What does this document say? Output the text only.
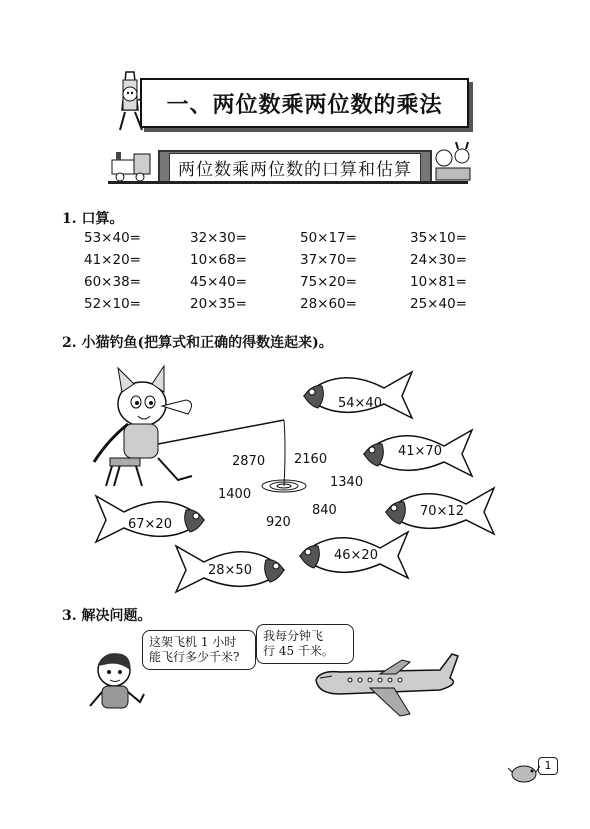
一、两位数乘两位数的乘法
两位数乘两位数的口算和估算
1. 口算。
53×40=	32×30=	50×17=	35×10=
41×20=	10×68=	37×70=	24×30=
60×38=	45×40=	75×20=	10×81=
52×10=	20×35=	28×60=	25×40=
2. 小猫钓鱼(把算式和正确的得数连起来)。
54×40
41×70
70×12
46×20
28×50
67×20
2870 2160
1340
1400
840
920
3. 解决问题。
这架飞机 1 小时
能飞行多少千米?
我每分钟飞
行 45 千米。
1
